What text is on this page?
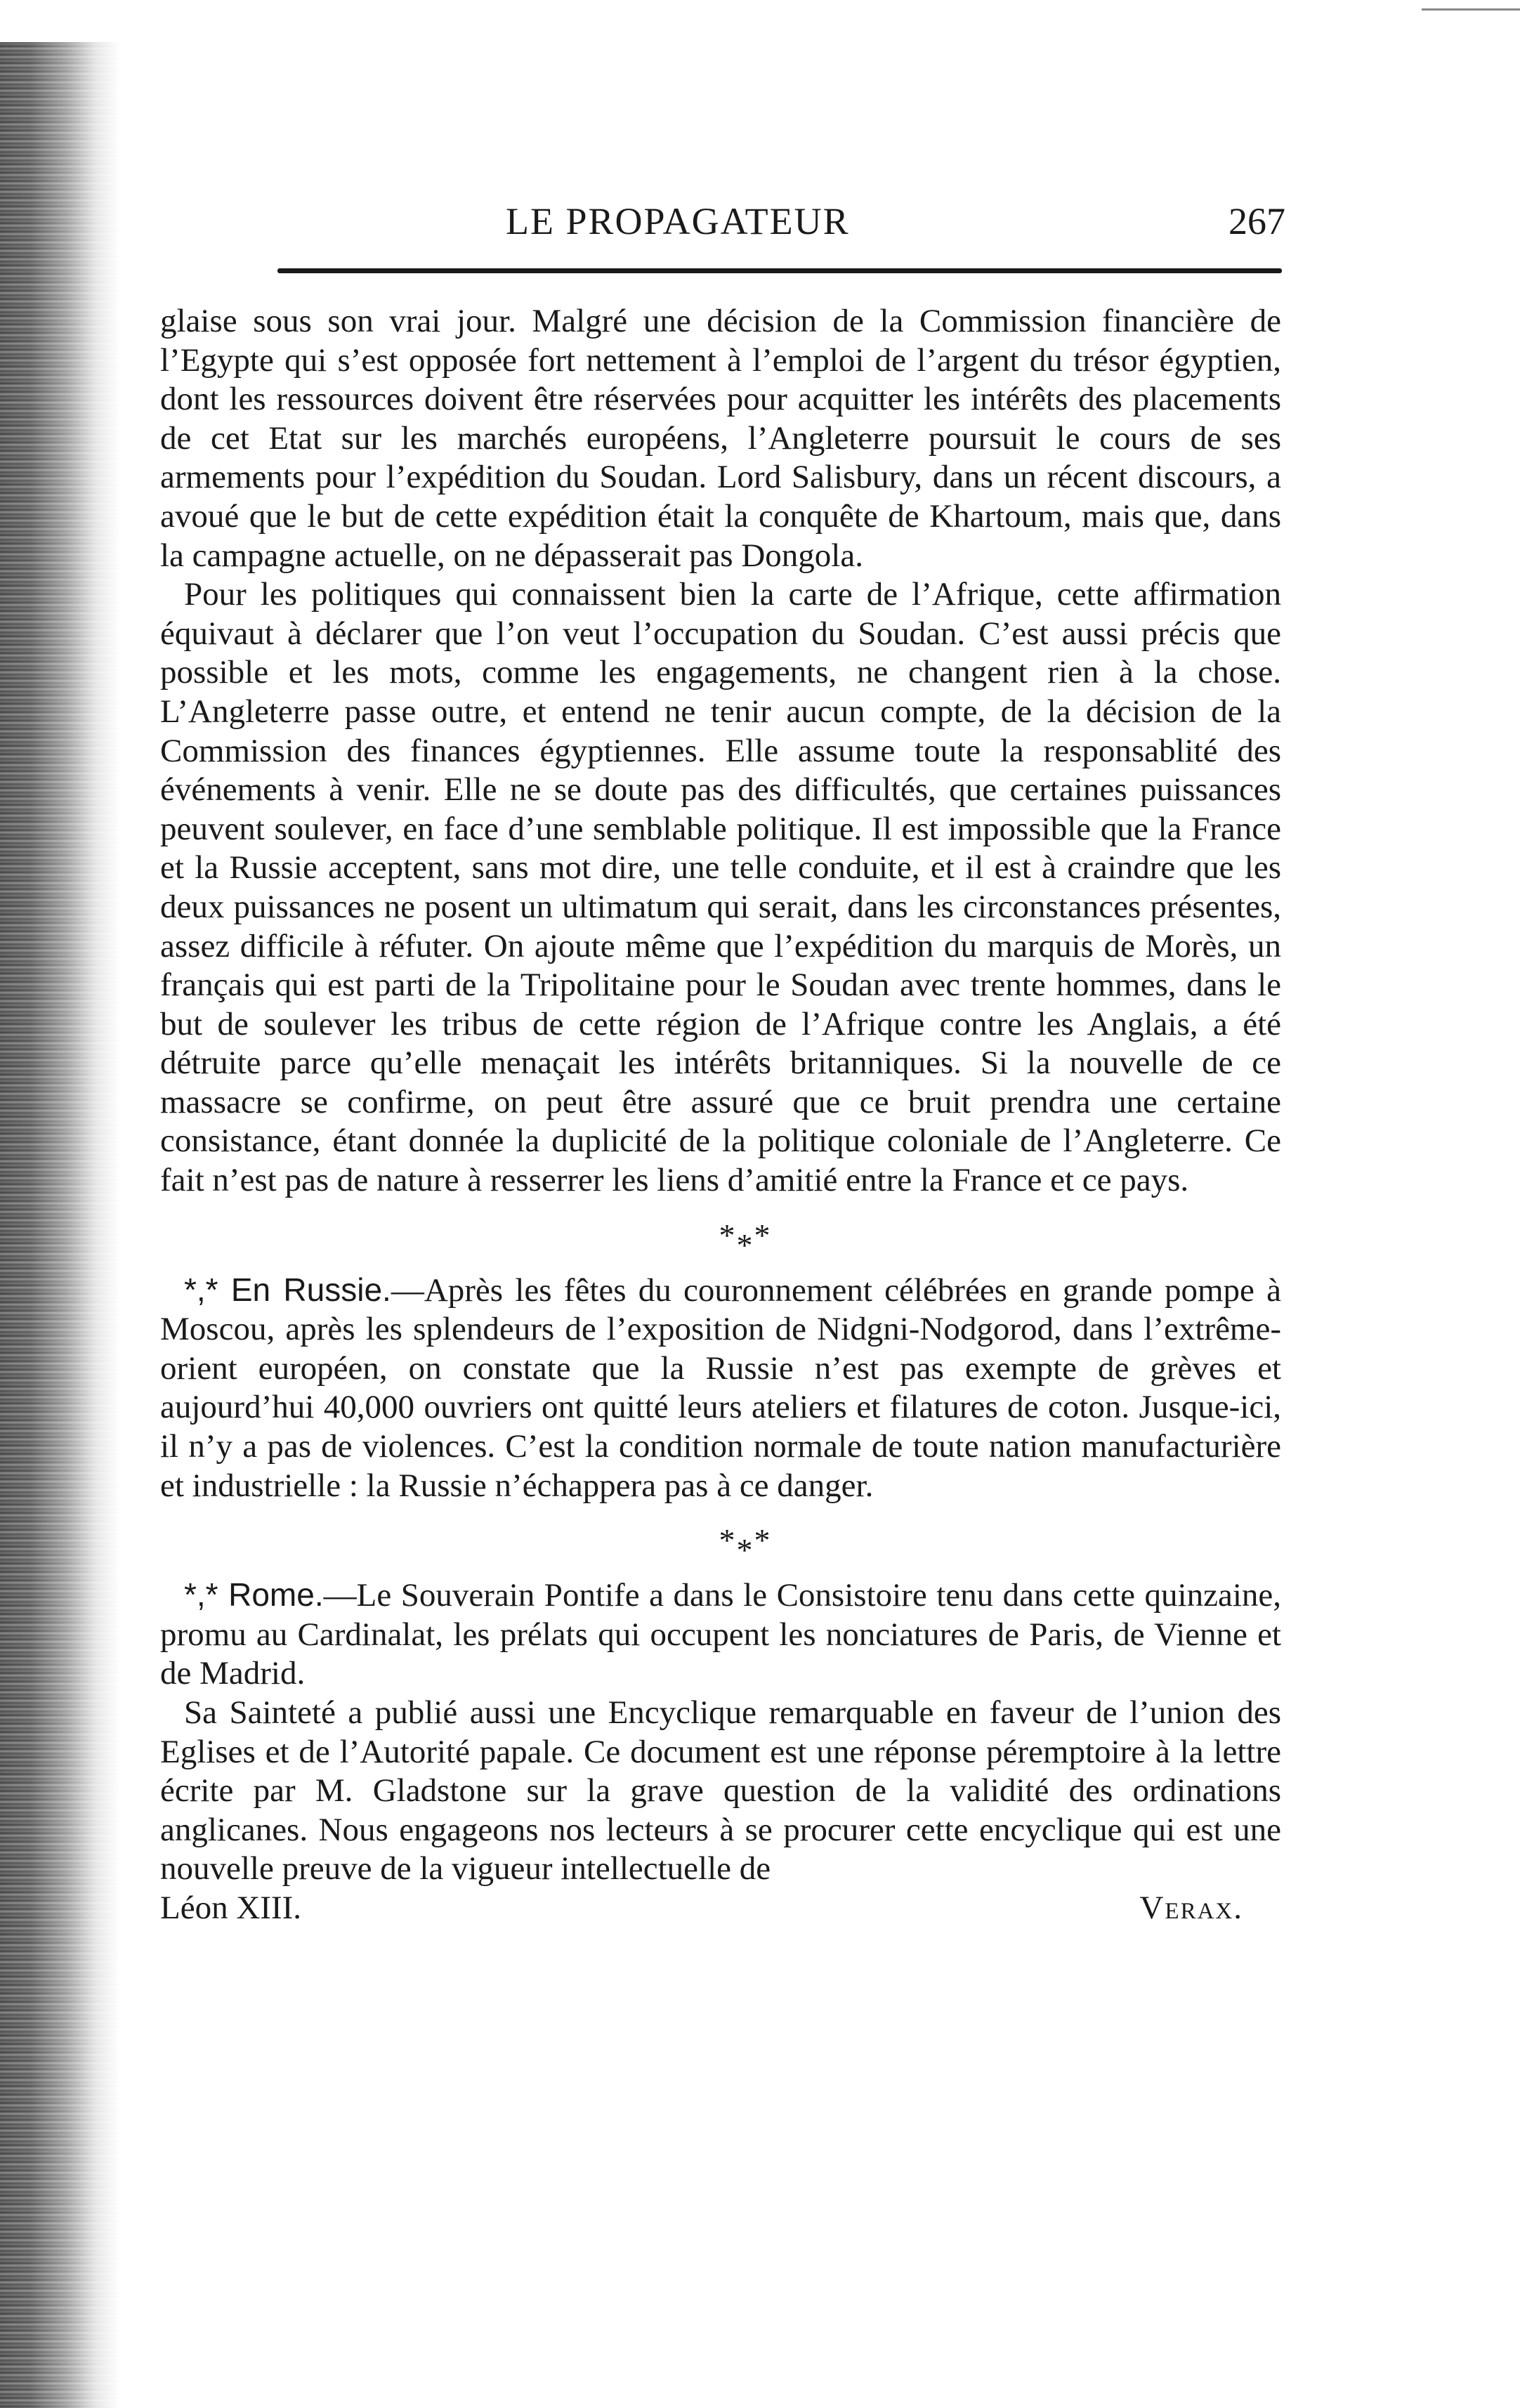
LE PROPAGATEUR	267

glaise sous son vrai jour. Malgré une décision de la Commission financière de l’Egypte qui s’est opposée fort nettement à l’emploi de l’argent du trésor égyptien, dont les ressources doivent être réservées pour acquitter les intérêts des placements de cet Etat sur les marchés européens, l’Angleterre poursuit le cours de ses armements pour l’expédition du Soudan. Lord Salisbury, dans un récent discours, a avoué que le but de cette expédition était la conquête de Khartoum, mais que, dans la campagne actuelle, on ne dépasserait pas Dongola.

Pour les politiques qui connaissent bien la carte de l’Afrique, cette affirmation équivaut à déclarer que l’on veut l’occupation du Soudan. C’est aussi précis que possible et les mots, comme les engagements, ne changent rien à la chose. L’Angleterre passe outre, et entend ne tenir aucun compte, de la décision de la Commission des finances égyptiennes. Elle assume toute la responsablité des événements à venir. Elle ne se doute pas des difficultés, que certaines puissances peuvent soulever, en face d’une semblable politique. Il est impossible que la France et la Russie acceptent, sans mot dire, une telle conduite, et il est à craindre que les deux puissances ne posent un ultimatum qui serait, dans les circonstances présentes, assez difficile à réfuter. On ajoute même que l’expédition du marquis de Morès, un français qui est parti de la Tripolitaine pour le Soudan avec trente hommes, dans le but de soulever les tribus de cette région de l’Afrique contre les Anglais, a été détruite parce qu’elle menaçait les intérêts britanniques. Si la nouvelle de ce massacre se confirme, on peut être assuré que ce bruit prendra une certaine consistance, étant donnée la duplicité de la politique coloniale de l’Angleterre. Ce fait n’est pas de nature à resserrer les liens d’amitié entre la France et ce pays.

***

*,* En Russie.—Après les fêtes du couronnement célébrées en grande pompe à Moscou, après les splendeurs de l’exposition de Nidgni-Nodgorod, dans l’extrême-orient européen, on constate que la Russie n’est pas exempte de grèves et aujourd’hui 40,000 ouvriers ont quitté leurs ateliers et filatures de coton. Jusque-ici, il n’y a pas de violences. C’est la condition normale de toute nation manufacturière et industrielle : la Russie n’échappera pas à ce danger.

***

*,* Rome.—Le Souverain Pontife a dans le Consistoire tenu dans cette quinzaine, promu au Cardinalat, les prélats qui occupent les nonciatures de Paris, de Vienne et de Madrid.

Sa Sainteté a publié aussi une Encyclique remarquable en faveur de l’union des Eglises et de l’Autorité papale. Ce document est une réponse péremptoire à la lettre écrite par M. Gladstone sur la grave question de la validité des ordinations anglicanes. Nous engageons nos lecteurs à se procurer cette encyclique qui est une nouvelle preuve de la vigueur intellectuelle de

Léon XIII.	Verax.
